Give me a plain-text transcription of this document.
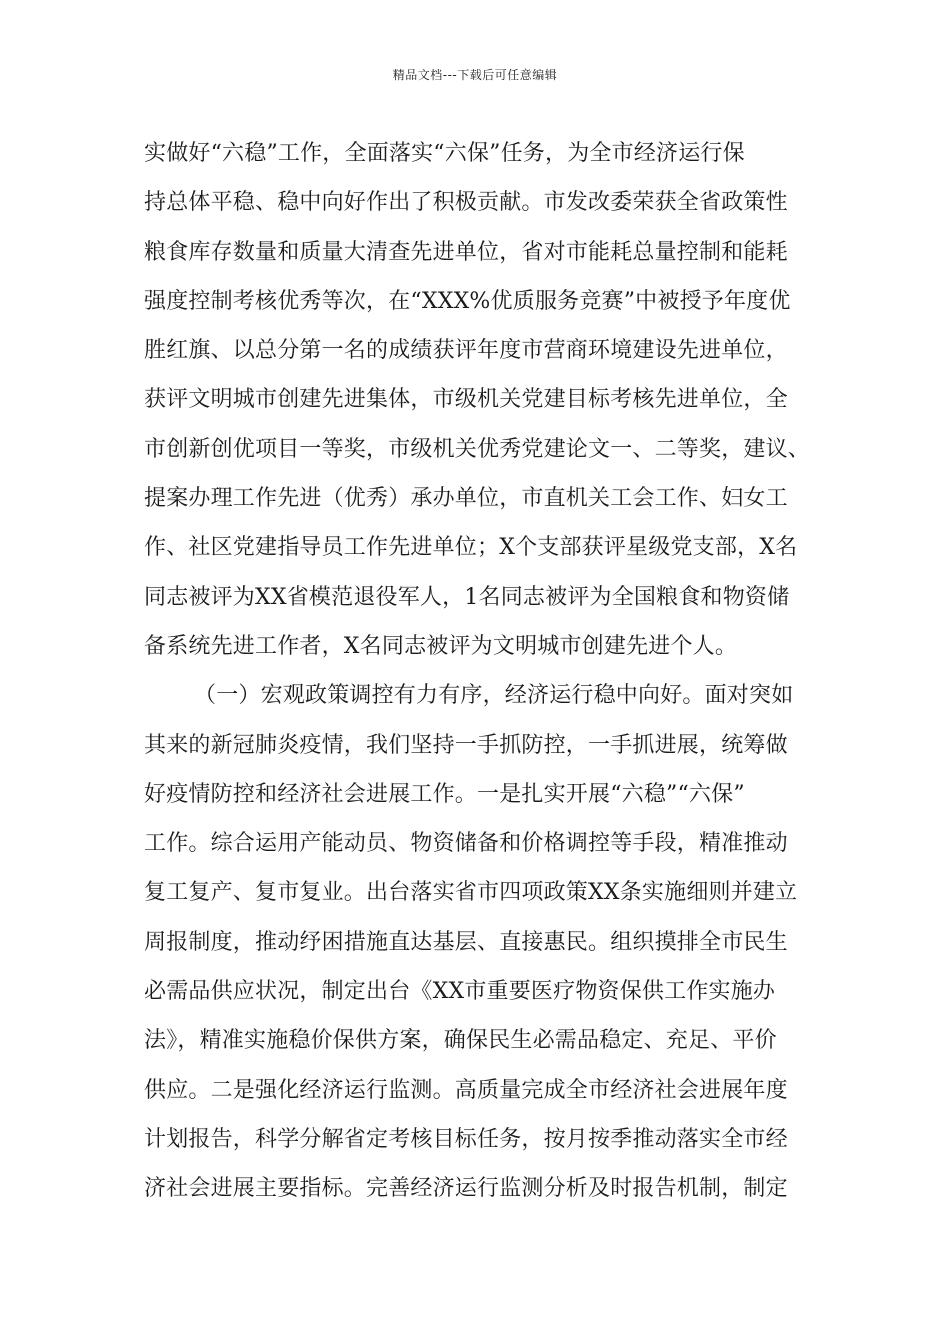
精品文档---下载后可任意编辑
实做好“六稳”工作，全面落实“六保”任务，为全市经济运行保
持总体平稳、稳中向好作出了积极贡献。市发改委荣获全省政策性
粮食库存数量和质量大清查先进单位，省对市能耗总量控制和能耗
强度控制考核优秀等次，在“XXX%优质服务竞赛”中被授予年度优
胜红旗、以总分第一名的成绩获评年度市营商环境建设先进单位，
获评文明城市创建先进集体，市级机关党建目标考核先进单位，全
市创新创优项目一等奖，市级机关优秀党建论文一、二等奖，建议、
提案办理工作先进（优秀）承办单位，市直机关工会工作、妇女工
作、社区党建指导员工作先进单位；X个支部获评星级党支部，X名
同志被评为XX省模范退役军人，1名同志被评为全国粮食和物资储
备系统先进工作者，X名同志被评为文明城市创建先进个人。
（一）宏观政策调控有力有序，经济运行稳中向好。面对突如
其来的新冠肺炎疫情，我们坚持一手抓防控，一手抓进展，统筹做
好疫情防控和经济社会进展工作。一是扎实开展“六稳”“六保”
工作。综合运用产能动员、物资储备和价格调控等手段，精准推动
复工复产、复市复业。出台落实省市四项政策XX条实施细则并建立
周报制度，推动纾困措施直达基层、直接惠民。组织摸排全市民生
必需品供应状况，制定出台《XX市重要医疗物资保供工作实施办
法》，精准实施稳价保供方案，确保民生必需品稳定、充足、平价
供应。二是强化经济运行监测。高质量完成全市经济社会进展年度
计划报告，科学分解省定考核目标任务，按月按季推动落实全市经
济社会进展主要指标。完善经济运行监测分析及时报告机制，制定
